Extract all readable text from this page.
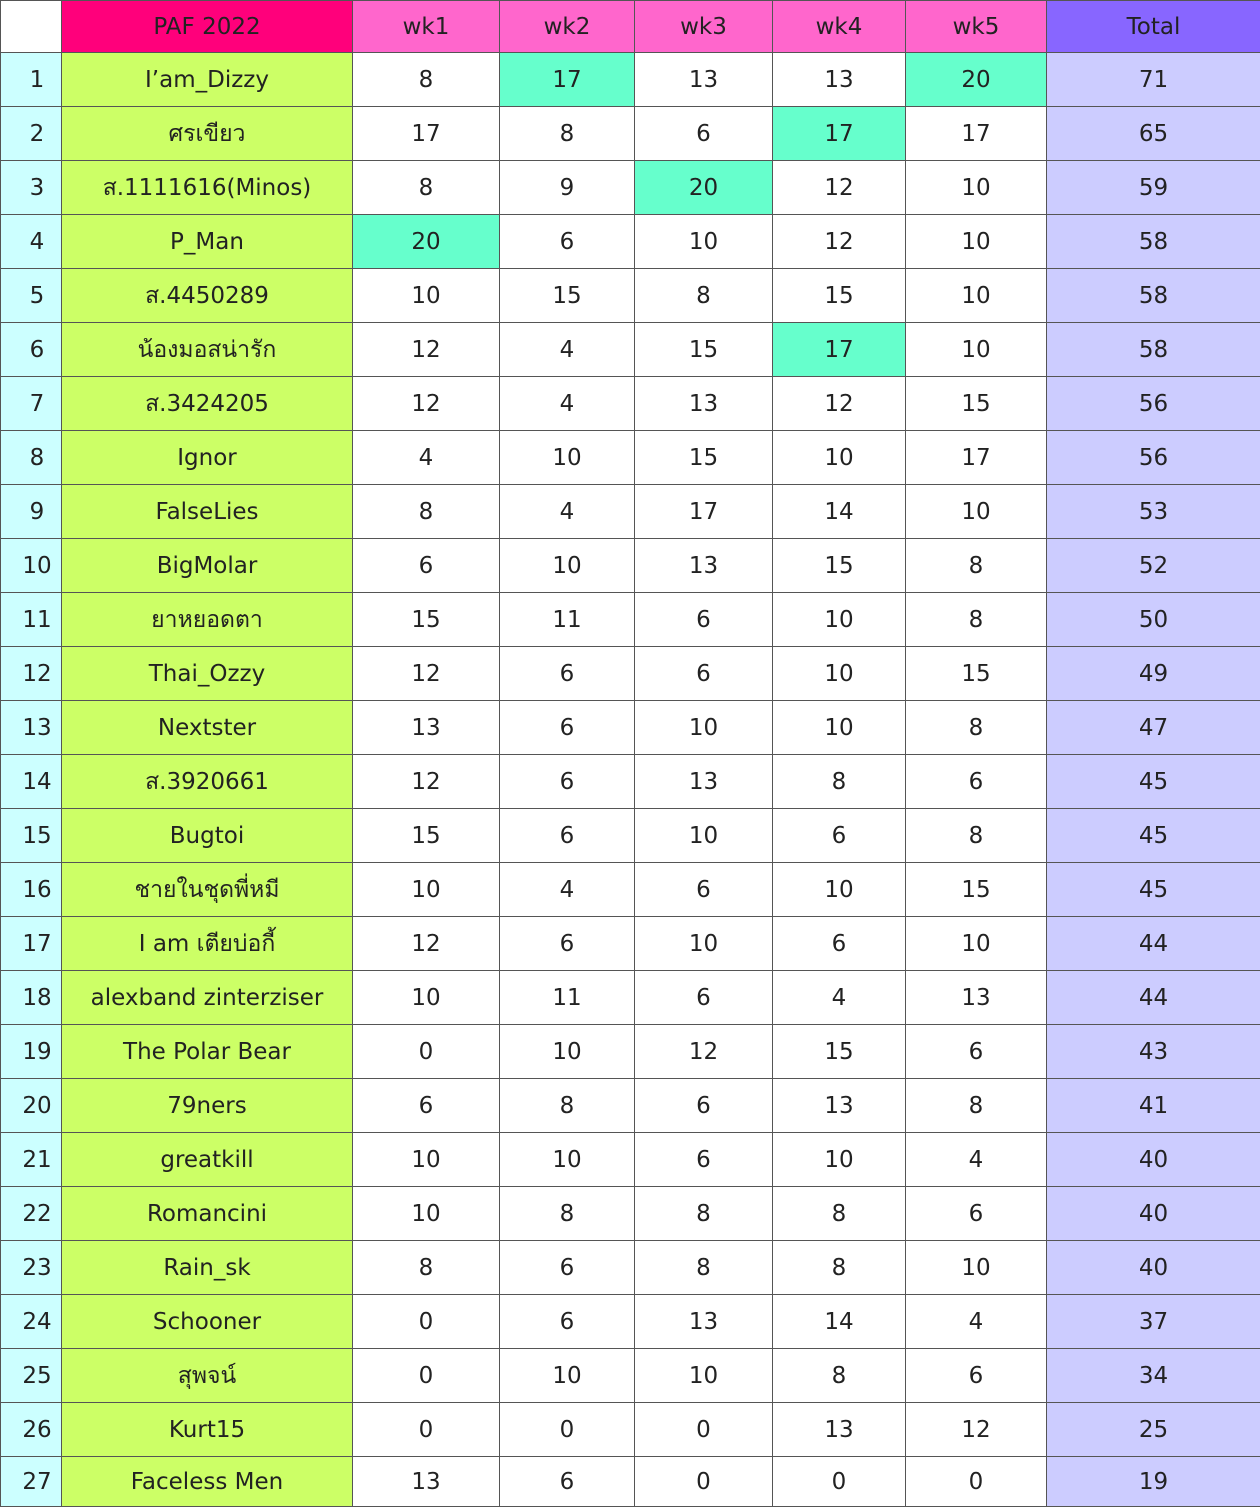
	PAF 2022	wk1	wk2	wk3	wk4	wk5	Total
1	I’am_Dizzy	8	17	13	13	20	71
2	ศรเขียว	17	8	6	17	17	65
3	ส.1111616(Minos)	8	9	20	12	10	59
4	P_Man	20	6	10	12	10	58
5	ส.4450289	10	15	8	15	10	58
6	น้องมอสน่ารัก	12	4	15	17	10	58
7	ส.3424205	12	4	13	12	15	56
8	Ignor	4	10	15	10	17	56
9	FalseLies	8	4	17	14	10	53
10	BigMolar	6	10	13	15	8	52
11	ยาหยอดตา	15	11	6	10	8	50
12	Thai_Ozzy	12	6	6	10	15	49
13	Nextster	13	6	10	10	8	47
14	ส.3920661	12	6	13	8	6	45
15	Bugtoi	15	6	10	6	8	45
16	ชายในชุดพี่หมี	10	4	6	10	15	45
17	I am เตียบ่อกี้	12	6	10	6	10	44
18	alexband zinterziser	10	11	6	4	13	44
19	The Polar Bear	0	10	12	15	6	43
20	79ners	6	8	6	13	8	41
21	greatkill	10	10	6	10	4	40
22	Romancini	10	8	8	8	6	40
23	Rain_sk	8	6	8	8	10	40
24	Schooner	0	6	13	14	4	37
25	สุพจน์	0	10	10	8	6	34
26	Kurt15	0	0	0	13	12	25
27	Faceless Men	13	6	0	0	0	19
